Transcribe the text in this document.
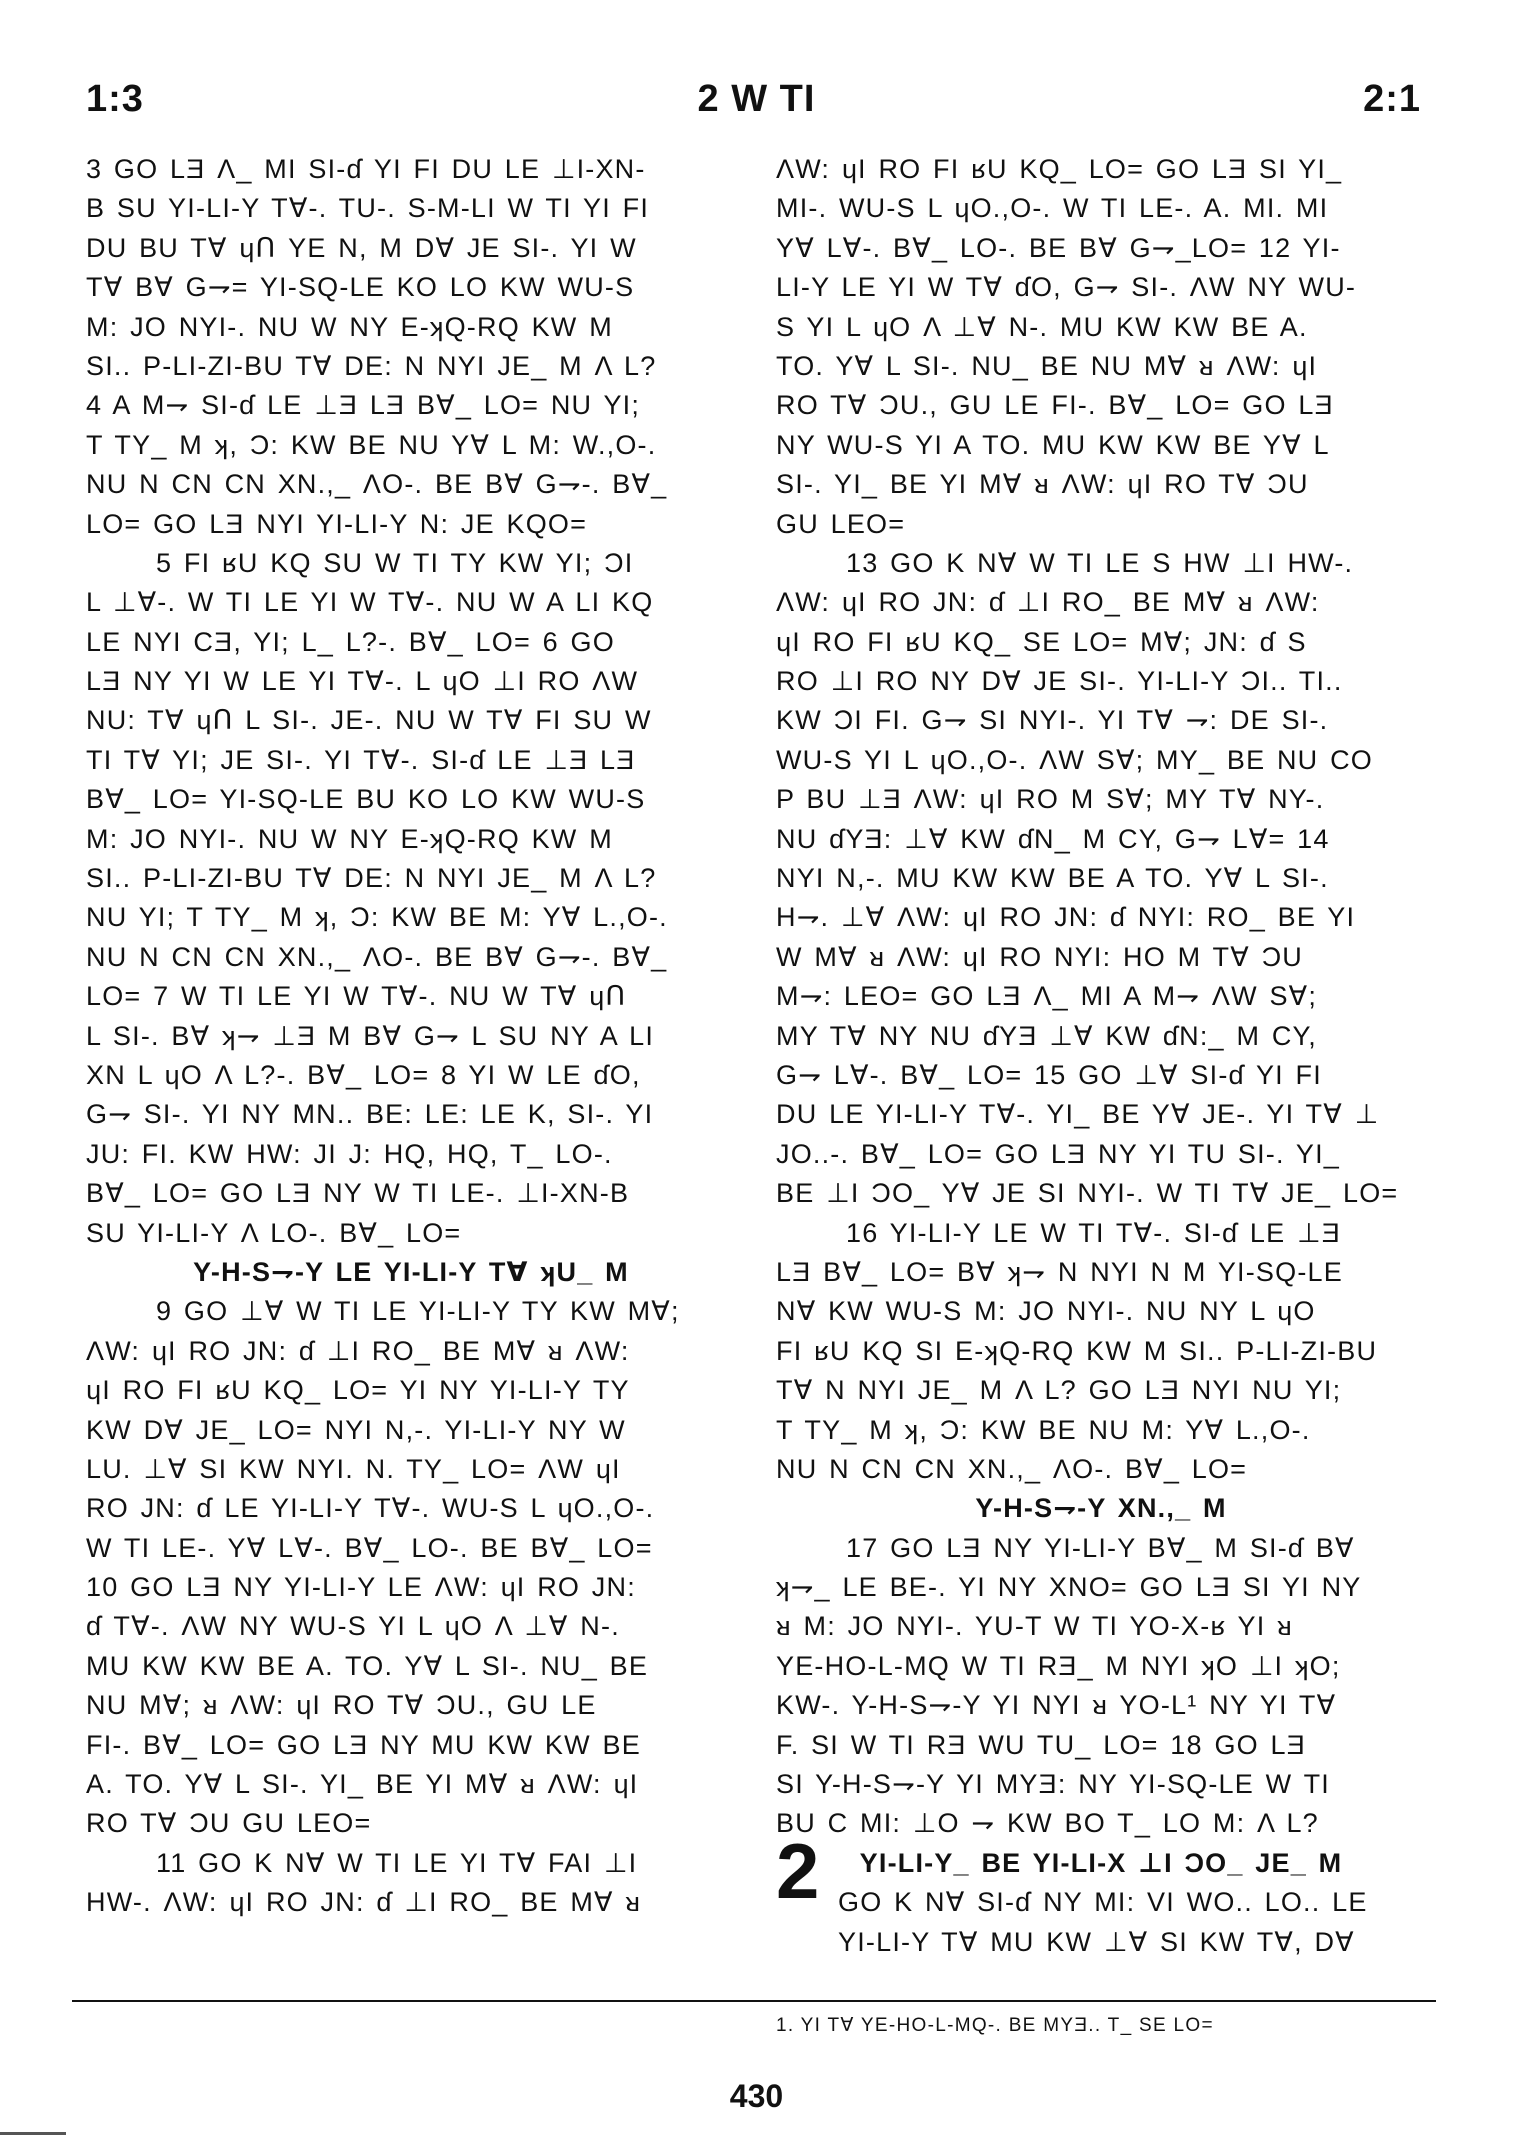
1:3	2 W TI	2:1
3 GO LƎ Λ_ MI SI-ɗ YI FI DU LE ⊥I-XN-
B SU YI-LI-Y T∀-. TU-. S-M-LI W TI YI FI
DU BU T∀ ɥՈ YE N, M D∀ JE SI-. YI W
T∀ B∀ G⇁= YI-SQ-LE KO LO KW WU-S
M: JO NYI-. NU W NY E-ʞQ-RQ KW M
SI.. P-LI-ZI-BU T∀ DE: N NYI JE_ M Λ L?
4 A M⇁ SI-ɗ LE ⊥Ǝ LƎ B∀_ LO= NU YI;
T TY_ M ʞ, Ɔ: KW BE NU Y∀ L M: W.,O-.
NU N CN CN XN.,_ ΛO-. BE B∀ G⇁-. B∀_
LO= GO LƎ NYI YI-LI-Y N: JE KQO=
5 FI ʁU KQ SU W TI TY KW YI; ƆI
L ⊥∀-. W TI LE YI W T∀-. NU W A LI KQ
LE NYI CƎ, YI; L_ L?-. B∀_ LO= 6 GO
LƎ NY YI W LE YI T∀-. L ɥO ⊥I RO ΛW
NU: T∀ ɥՈ L SI-. JE-. NU W T∀ FI SU W
TI T∀ YI; JE SI-. YI T∀-. SI-ɗ LE ⊥Ǝ LƎ
B∀_ LO= YI-SQ-LE BU KO LO KW WU-S
M: JO NYI-. NU W NY E-ʞQ-RQ KW M
SI.. P-LI-ZI-BU T∀ DE: N NYI JE_ M Λ L?
NU YI; T TY_ M ʞ, Ɔ: KW BE M: Y∀ L.,O-.
NU N CN CN XN.,_ ΛO-. BE B∀ G⇁-. B∀_
LO= 7 W TI LE YI W T∀-. NU W T∀ ɥՈ
L SI-. B∀ ʞ⇁ ⊥Ǝ M B∀ G⇁ L SU NY A LI
XN L ɥO Λ L?-. B∀_ LO= 8 YI W LE ɗO,
G⇁ SI-. YI NY MN.. BE: LE: LE K, SI-. YI
JU: FI. KW HW: JI J: HQ, HQ, T_ LO-.
B∀_ LO= GO LƎ NY W TI LE-. ⊥I-XN-B
SU YI-LI-Y Λ LO-. B∀_ LO=
Y-H-S⇁-Y LE YI-LI-Y T∀ ʞU_ M
9 GO ⊥∀ W TI LE YI-LI-Y TY KW M∀;
ΛW: ɥI RO JN: ɗ ⊥I RO_ BE M∀ ᴚ ΛW:
ɥI RO FI ʁU KQ_ LO= YI NY YI-LI-Y TY
KW D∀ JE_ LO= NYI N,-. YI-LI-Y NY W
LU. ⊥∀ SI KW NYI. N. TY_ LO= ΛW ɥI
RO JN: ɗ LE YI-LI-Y T∀-. WU-S L ɥO.,O-.
W TI LE-. Y∀ L∀-. B∀_ LO-. BE B∀_ LO=
10 GO LƎ NY YI-LI-Y LE ΛW: ɥI RO JN:
ɗ T∀-. ΛW NY WU-S YI L ɥO Λ ⊥∀ N-.
MU KW KW BE A. TO. Y∀ L SI-. NU_ BE
NU M∀; ᴚ ΛW: ɥI RO T∀ ƆU., GU LE
FI-. B∀_ LO= GO LƎ NY MU KW KW BE
A. TO. Y∀ L SI-. YI_ BE YI M∀ ᴚ ΛW: ɥI
RO T∀ ƆU GU LEO=
11 GO K N∀ W TI LE YI T∀ FAI ⊥I
HW-. ΛW: ɥI RO JN: ɗ ⊥I RO_ BE M∀ ᴚ
ΛW: ɥI RO FI ʁU KQ_ LO= GO LƎ SI YI_
MI-. WU-S L ɥO.,O-. W TI LE-. A. MI. MI
Y∀ L∀-. B∀_ LO-. BE B∀ G⇁_LO= 12 YI-
LI-Y LE YI W T∀ ɗO, G⇁ SI-. ΛW NY WU-
S YI L ɥO Λ ⊥∀ N-. MU KW KW BE A.
TO. Y∀ L SI-. NU_ BE NU M∀ ᴚ ΛW: ɥI
RO T∀ ƆU., GU LE FI-. B∀_ LO= GO LƎ
NY WU-S YI A TO. MU KW KW BE Y∀ L
SI-. YI_ BE YI M∀ ᴚ ΛW: ɥI RO T∀ ƆU
GU LEO=
13 GO K N∀ W TI LE S HW ⊥I HW-.
ΛW: ɥI RO JN: ɗ ⊥I RO_ BE M∀ ᴚ ΛW:
ɥI RO FI ʁU KQ_ SE LO= M∀; JN: ɗ S
RO ⊥I RO NY D∀ JE SI-. YI-LI-Y ƆI.. TI..
KW ƆI FI. G⇁ SI NYI-. YI T∀ ⇁: DE SI-.
WU-S YI L ɥO.,O-. ΛW S∀; MY_ BE NU CO
P BU ⊥Ǝ ΛW: ɥI RO M S∀; MY T∀ NY-.
NU ɗYƎ: ⊥∀ KW ɗN_ M CY, G⇁ L∀= 14
NYI N,-. MU KW KW BE A TO. Y∀ L SI-.
H⇁. ⊥∀ ΛW: ɥI RO JN: ɗ NYI: RO_ BE YI
W M∀ ᴚ ΛW: ɥI RO NYI: HO M T∀ ƆU
M⇁: LEO= GO LƎ Λ_ MI A M⇁ ΛW S∀;
MY T∀ NY NU ɗYƎ ⊥∀ KW ɗN:_ M CY,
G⇁ L∀-. B∀_ LO= 15 GO ⊥∀ SI-ɗ YI FI
DU LE YI-LI-Y T∀-. YI_ BE Y∀ JE-. YI T∀ ⊥
JO..-. B∀_ LO= GO LƎ NY YI TU SI-. YI_
BE ⊥I ƆO_ Y∀ JE SI NYI-. W TI T∀ JE_ LO=
16 YI-LI-Y LE W TI T∀-. SI-ɗ LE ⊥Ǝ
LƎ B∀_ LO= B∀ ʞ⇁ N NYI N M YI-SQ-LE
N∀ KW WU-S M: JO NYI-. NU NY L ɥO
FI ʁU KQ SI E-ʞQ-RQ KW M SI.. P-LI-ZI-BU
T∀ N NYI JE_ M Λ L? GO LƎ NYI NU YI;
T TY_ M ʞ, Ɔ: KW BE NU M: Y∀ L.,O-.
NU N CN CN XN.,_ ΛO-. B∀_ LO=
Y-H-S⇁-Y XN.,_ M
17 GO LƎ NY YI-LI-Y B∀_ M SI-ɗ B∀
ʞ⇁_ LE BE-. YI NY XNO= GO LƎ SI YI NY
ᴚ M: JO NYI-. YU-T W TI YO-X-ʁ YI ᴚ
YE-HO-L-MQ W TI RƎ_ M NYI ʞO ⊥I ʞO;
KW-. Y-H-S⇁-Y YI NYI ᴚ YO-L¹ NY YI T∀
F. SI W TI RƎ WU TU_ LO= 18 GO LƎ
SI Y-H-S⇁-Y YI MYƎ: NY YI-SQ-LE W TI
BU C MI: ⊥O ⇁ KW BO T_ LO M: Λ L?
YI-LI-Y_ BE YI-LI-X ⊥I ƆO_ JE_ M
GO K N∀ SI-ɗ NY MI: VI WO.. LO.. LE
YI-LI-Y T∀ MU KW ⊥∀ SI KW T∀, D∀
2
1. YI T∀ YE-HO-L-MQ-. BE MYƎ.. T_ SE LO=
430
